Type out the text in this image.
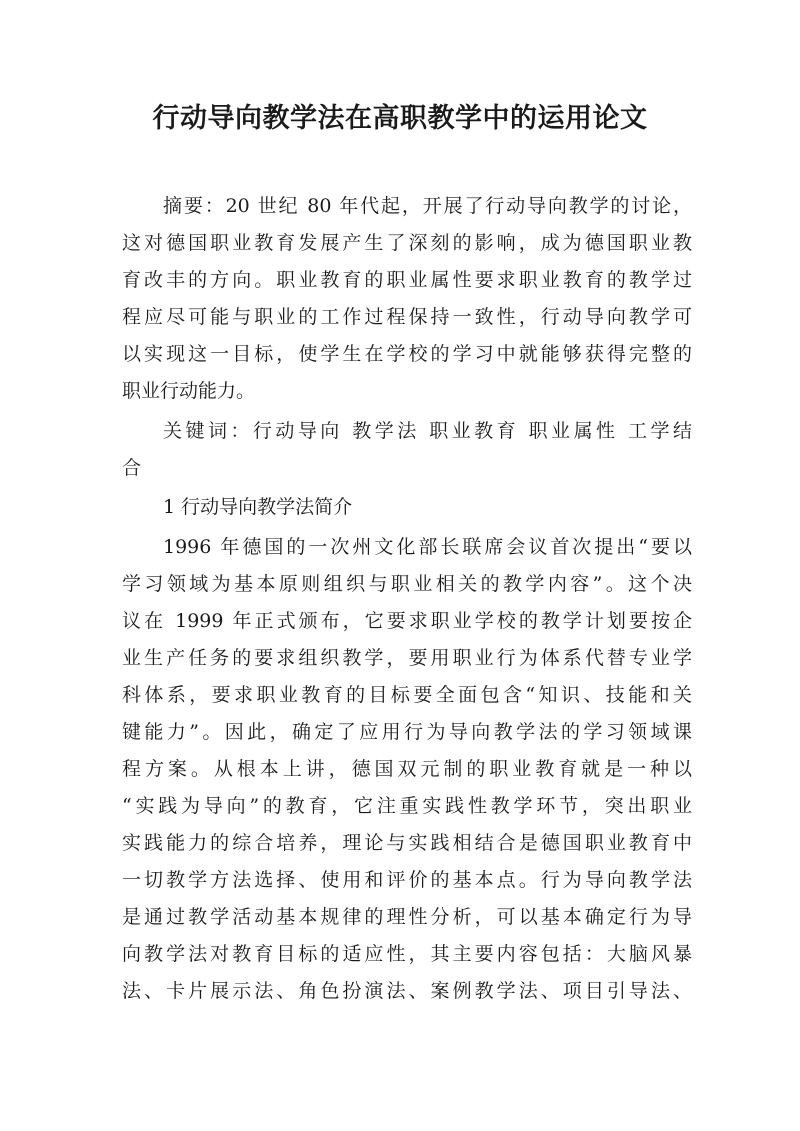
行动导向教学法在高职教学中的运用论文
摘要：20 世纪 80 年代起，开展了行动导向教学的讨论，
这对德国职业教育发展产生了深刻的影响，成为德国职业教
育改丰的方向。职业教育的职业属性要求职业教育的教学过
程应尽可能与职业的工作过程保持一致性，行动导向教学可
以实现这一目标，使学生在学校的学习中就能够获得完整的
职业行动能力。
关键词：行动导向 教学法 职业教育 职业属性 工学结
合
1 行动导向教学法简介
1996 年德国的一次州文化部长联席会议首次提出“要以
学习领域为基本原则组织与职业相关的教学内容”。这个决
议在 1999 年正式颁布，它要求职业学校的教学计划要按企
业生产任务的要求组织教学，要用职业行为体系代替专业学
科体系，要求职业教育的目标要全面包含“知识、技能和关
键能力”。因此，确定了应用行为导向教学法的学习领域课
程方案。从根本上讲，德国双元制的职业教育就是一种以
“实践为导向”的教育，它注重实践性教学环节，突出职业
实践能力的综合培养，理论与实践相结合是德国职业教育中
一切教学方法选择、使用和评价的基本点。行为导向教学法
是通过教学活动基本规律的理性分析，可以基本确定行为导
向教学法对教育目标的适应性，其主要内容包括：大脑风暴
法、卡片展示法、角色扮演法、案例教学法、项目引导法、
